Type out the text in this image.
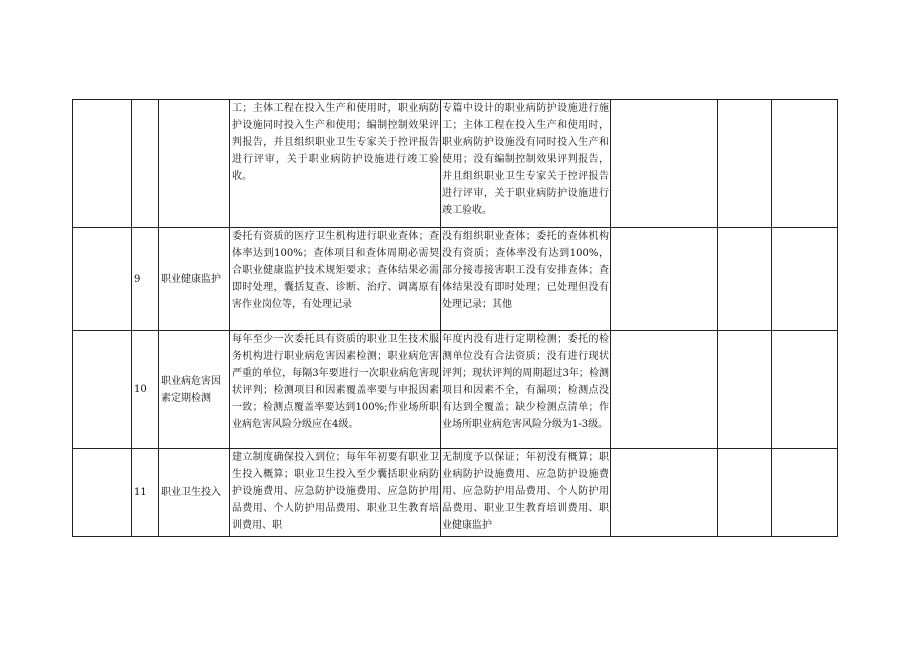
			工；主体工程在投入生产和使用时，职业病防护设施同时投入生产和使用；编制控制效果评判报告，并且组织职业卫生专家关于控评报告进行评审，关于职业病防护设施进行竣工验收。	专篇中设计的职业病防护设施进行施工；主体工程在投入生产和使用时，职业病防护设施没有同时投入生产和使用；没有编制控制效果评判报告，并且组织职业卫生专家关于控评报告进行评审，关于职业病防护设施进行竣工验收。			
	9	职业健康监护	委托有资质的医疗卫生机构进行职业查体；查体率达到100%；查体项目和查体周期必需契合职业健康监护技术规矩要求；查体结果必需即时处理，囊括复查、诊断、治疗、调离原有害作业岗位等，有处理记录	没有组织职业查体；委托的查体机构没有资质；查体率没有达到100%，部分接毒接害职工没有安排查体；查体结果没有即时处理；已处理但没有处理记录；其他			
	10	职业病危害因素定期检测	每年至少一次委托具有资质的职业卫生技术服务机构进行职业病危害因素检测；职业病危害严重的单位，每隔3年要进行一次职业病危害现状评判；检测项目和因素覆盖率要与申报因素一致；检测点覆盖率要达到100%;作业场所职业病危害风险分级应在4级。	年度内没有进行定期检测；委托的检测单位没有合法资质；没有进行现状评判；现状评判的周期超过3年；检测项目和因素不全，有漏项；检测点没有达到全覆盖；缺少检测点清单；作业场所职业病危害风险分级为1-3级。			
	11	职业卫生投入	建立制度确保投入到位；每年年初要有职业卫生投入概算；职业卫生投入至少囊括职业病防护设施费用、应急防护设施费用、应急防护用品费用、个人防护用品费用、职业卫生教育培训费用、职	无制度予以保证；年初没有概算；职业病防护设施费用、应急防护设施费用、应急防护用品费用、个人防护用品费用、职业卫生教育培训费用、职业健康监护			
